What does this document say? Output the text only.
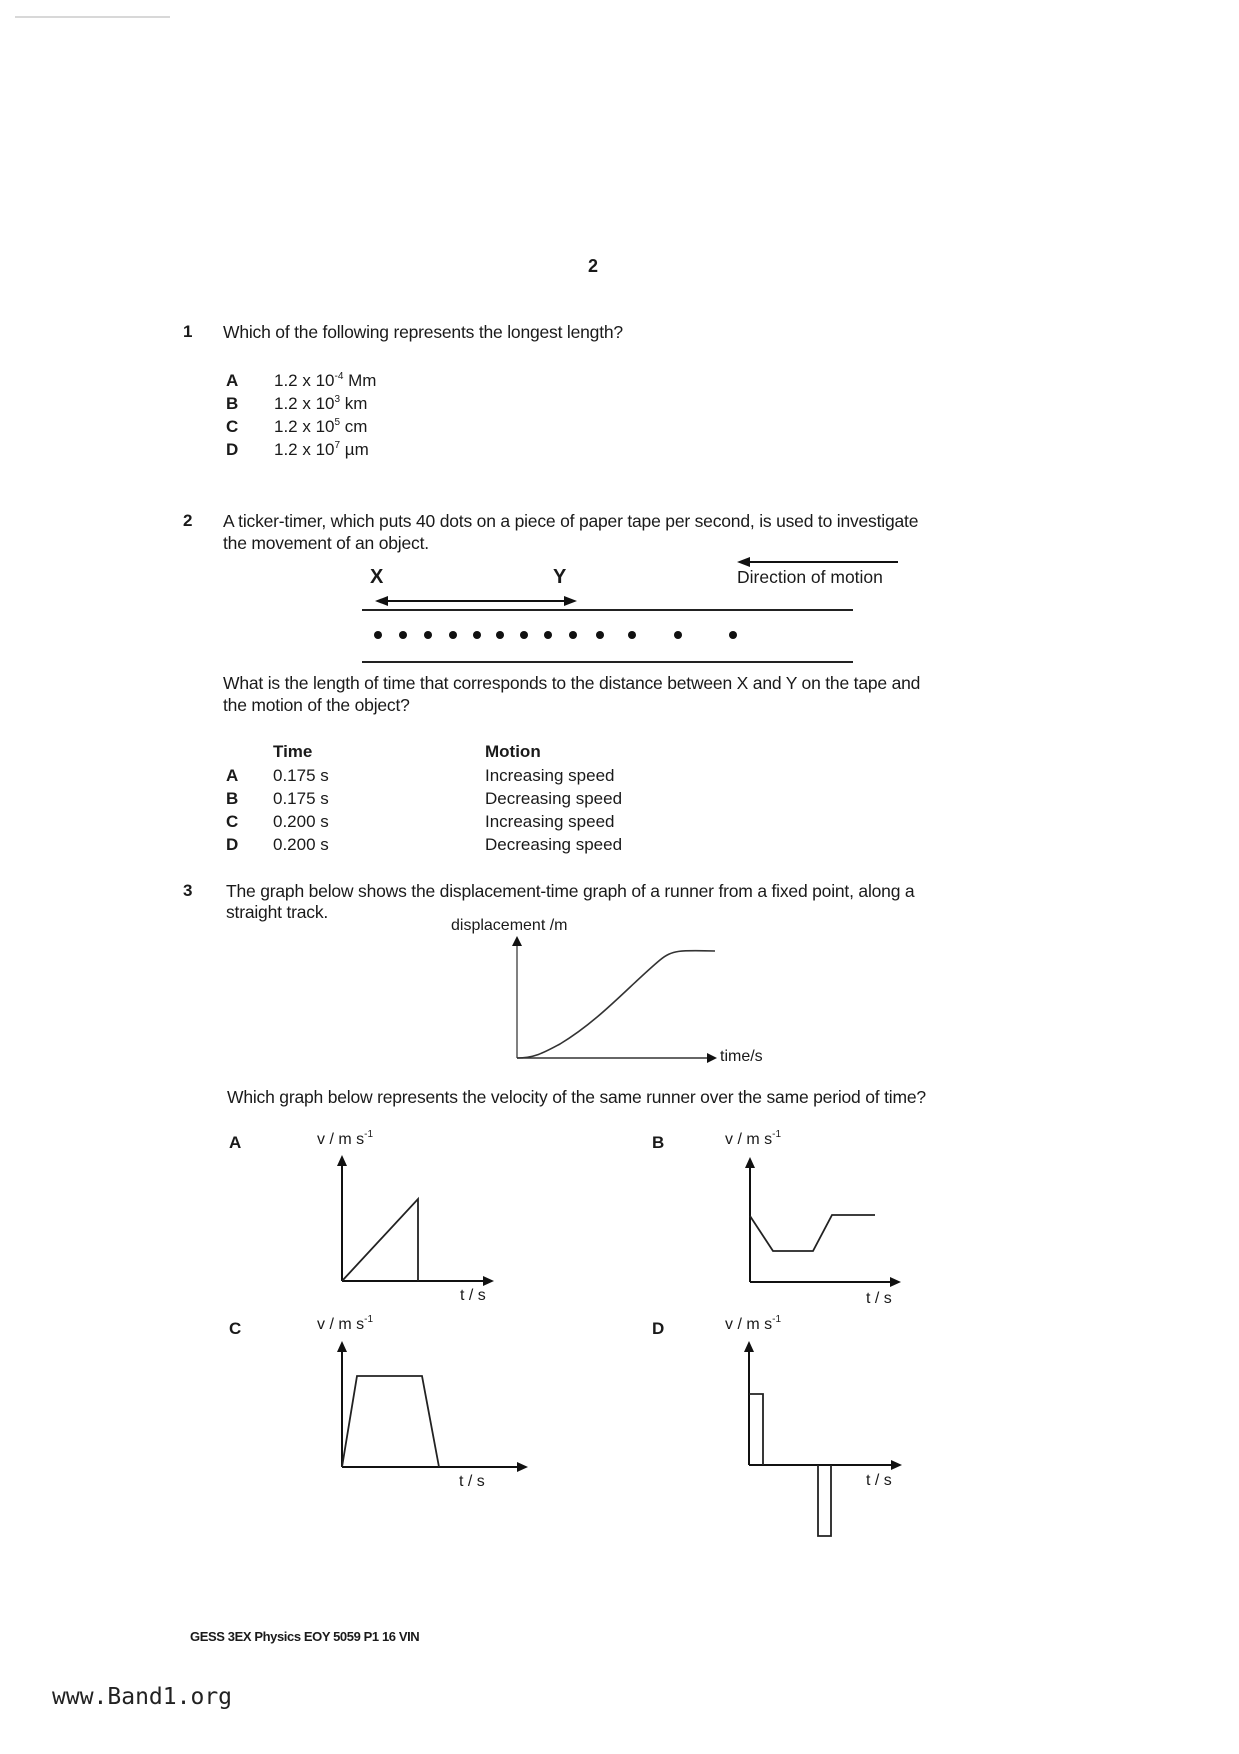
2
1 Which of the following represents the longest length?
A 1.2 x $10^{-4}$ Mm
B 1.2 x $10^3$ km
C 1.2 x $10^5$ cm
D 1.2 x $10^7$ µm
2 A ticker-timer, which puts 40 dots on a piece of paper tape per second, is used to investigate
the movement of an object.
X	Y	Direction of motion
What is the length of time that corresponds to the distance between X and Y on the tape and
the motion of the object?
Time	Motion
A 0.175 s	Increasing speed
B 0.175 s	Decreasing speed
C 0.200 s	Increasing speed
D 0.200 s	Decreasing speed
3 The graph below shows the displacement-time graph of a runner from a fixed point, along a
straight track.
displacement /m
time/s
Which graph below represents the velocity of the same runner over the same period of time?
A	v / m $s^{-1}$
t / s
B	v / m $s^{-1}$
t / s
C	v / m $s^{-1}$
t / s
D	v / m $s^{-1}$
t / s
GESS 3EX Physics EOY 5059 P1 16 VIN
www.Band1.org
